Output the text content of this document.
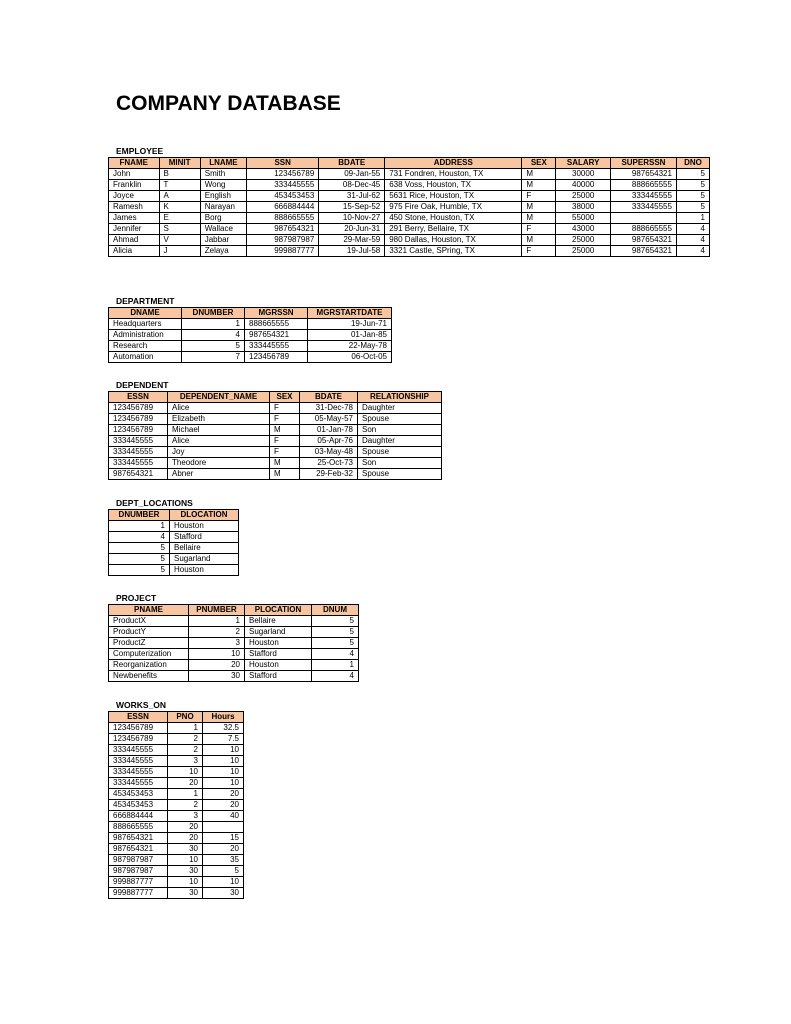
COMPANY DATABASE
EMPLOYEE
FNAME	MINIT	LNAME	SSN	BDATE	ADDRESS	SEX	SALARY	SUPERSSN	DNO
John	B	Smith	123456789	09-Jan-55	731 Fondren, Houston, TX	M	30000	987654321	5
Franklin	T	Wong	333445555	08-Dec-45	638 Voss, Houston, TX	M	40000	888665555	5
Joyce	A	English	453453453	31-Jul-62	5631 Rice, Houston, TX	F	25000	333445555	5
Ramesh	K	Narayan	666884444	15-Sep-52	975 Fire Oak, Humble, TX	M	38000	333445555	5
James	E	Borg	888665555	10-Nov-27	450 Stone, Houston, TX	M	55000		1
Jennifer	S	Wallace	987654321	20-Jun-31	291 Berry, Bellaire, TX	F	43000	888665555	4
Ahmad	V	Jabbar	987987987	29-Mar-59	980 Dallas, Houston, TX	M	25000	987654321	4
Alicia	J	Zelaya	999887777	19-Jul-58	3321 Castle, SPring, TX	F	25000	987654321	4
DEPARTMENT
DNAME	DNUMBER	MGRSSN	MGRSTARTDATE
Headquarters	1	888665555	19-Jun-71
Administration	4	987654321	01-Jan-85
Research	5	333445555	22-May-78
Automation	7	123456789	06-Oct-05
DEPENDENT
ESSN	DEPENDENT_NAME	SEX	BDATE	RELATIONSHIP
123456789	Alice	F	31-Dec-78	Daughter
123456789	Elizabeth	F	05-May-57	Spouse
123456789	Michael	M	01-Jan-78	Son
333445555	Alice	F	05-Apr-76	Daughter
333445555	Joy	F	03-May-48	Spouse
333445555	Theodore	M	25-Oct-73	Son
987654321	Abner	M	29-Feb-32	Spouse
DEPT_LOCATIONS
DNUMBER	DLOCATION
1	Houston
4	Stafford
5	Bellaire
5	Sugarland
5	Houston
PROJECT
PNAME	PNUMBER	PLOCATION	DNUM
ProductX	1	Bellaire	5
ProductY	2	Sugarland	5
ProductZ	3	Houston	5
Computerization	10	Stafford	4
Reorganization	20	Houston	1
Newbenefits	30	Stafford	4
WORKS_ON
ESSN	PNO	Hours
123456789	1	32.5
123456789	2	7.5
333445555	2	10
333445555	3	10
333445555	10	10
333445555	20	10
453453453	1	20
453453453	2	20
666884444	3	40
888665555	20	
987654321	20	15
987654321	30	20
987987987	10	35
987987987	30	5
999887777	10	10
999887777	30	30
